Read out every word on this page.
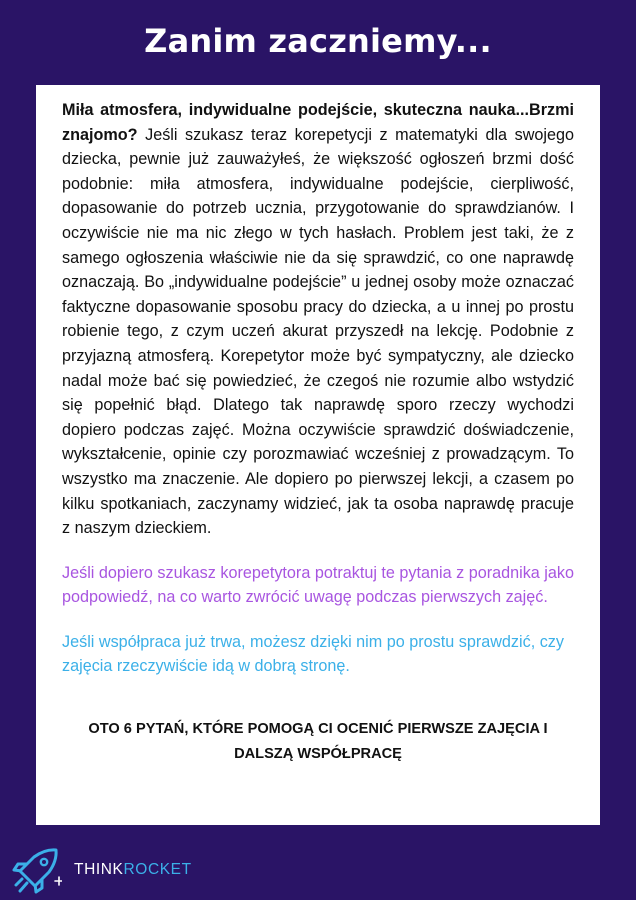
Zanim zaczniemy...

Miła atmosfera, indywidualne podejście, skuteczna nauka...Brzmi znajomo? Jeśli szukasz teraz korepetycji z matematyki dla swojego dziecka, pewnie już zauważyłeś, że większość ogłoszeń brzmi dość podobnie: miła atmosfera, indywidualne podejście, cierpliwość, dopasowanie do potrzeb ucznia, przygotowanie do sprawdzianów. I oczywiście nie ma nic złego w tych hasłach. Problem jest taki, że z samego ogłoszenia właściwie nie da się sprawdzić, co one naprawdę oznaczają. Bo „indywidualne podejście” u jednej osoby może oznaczać faktyczne dopasowanie sposobu pracy do dziecka, a u innej po prostu robienie tego, z czym uczeń akurat przyszedł na lekcję. Podobnie z przyjazną atmosferą. Korepetytor może być sympatyczny, ale dziecko nadal może bać się powiedzieć, że czegoś nie rozumie albo wstydzić się popełnić błąd. Dlatego tak naprawdę sporo rzeczy wychodzi dopiero podczas zajęć. Można oczywiście sprawdzić doświadczenie, wykształcenie, opinie czy porozmawiać wcześniej z prowadzącym. To wszystko ma znaczenie. Ale dopiero po pierwszej lekcji, a czasem po kilku spotkaniach, zaczynamy widzieć, jak ta osoba naprawdę pracuje z naszym dzieckiem.

Jeśli dopiero szukasz korepetytora potraktuj te pytania z poradnika jako podpowiedź, na co warto zwrócić uwagę podczas pierwszych zajęć.

Jeśli współpraca już trwa, możesz dzięki nim po prostu sprawdzić, czy zajęcia rzeczywiście idą w dobrą stronę.

OTO 6 PYTAŃ, KTÓRE POMOGĄ CI OCENIĆ PIERWSZE ZAJĘCIA I DALSZĄ WSPÓŁPRACĘ

THINKROCKET
